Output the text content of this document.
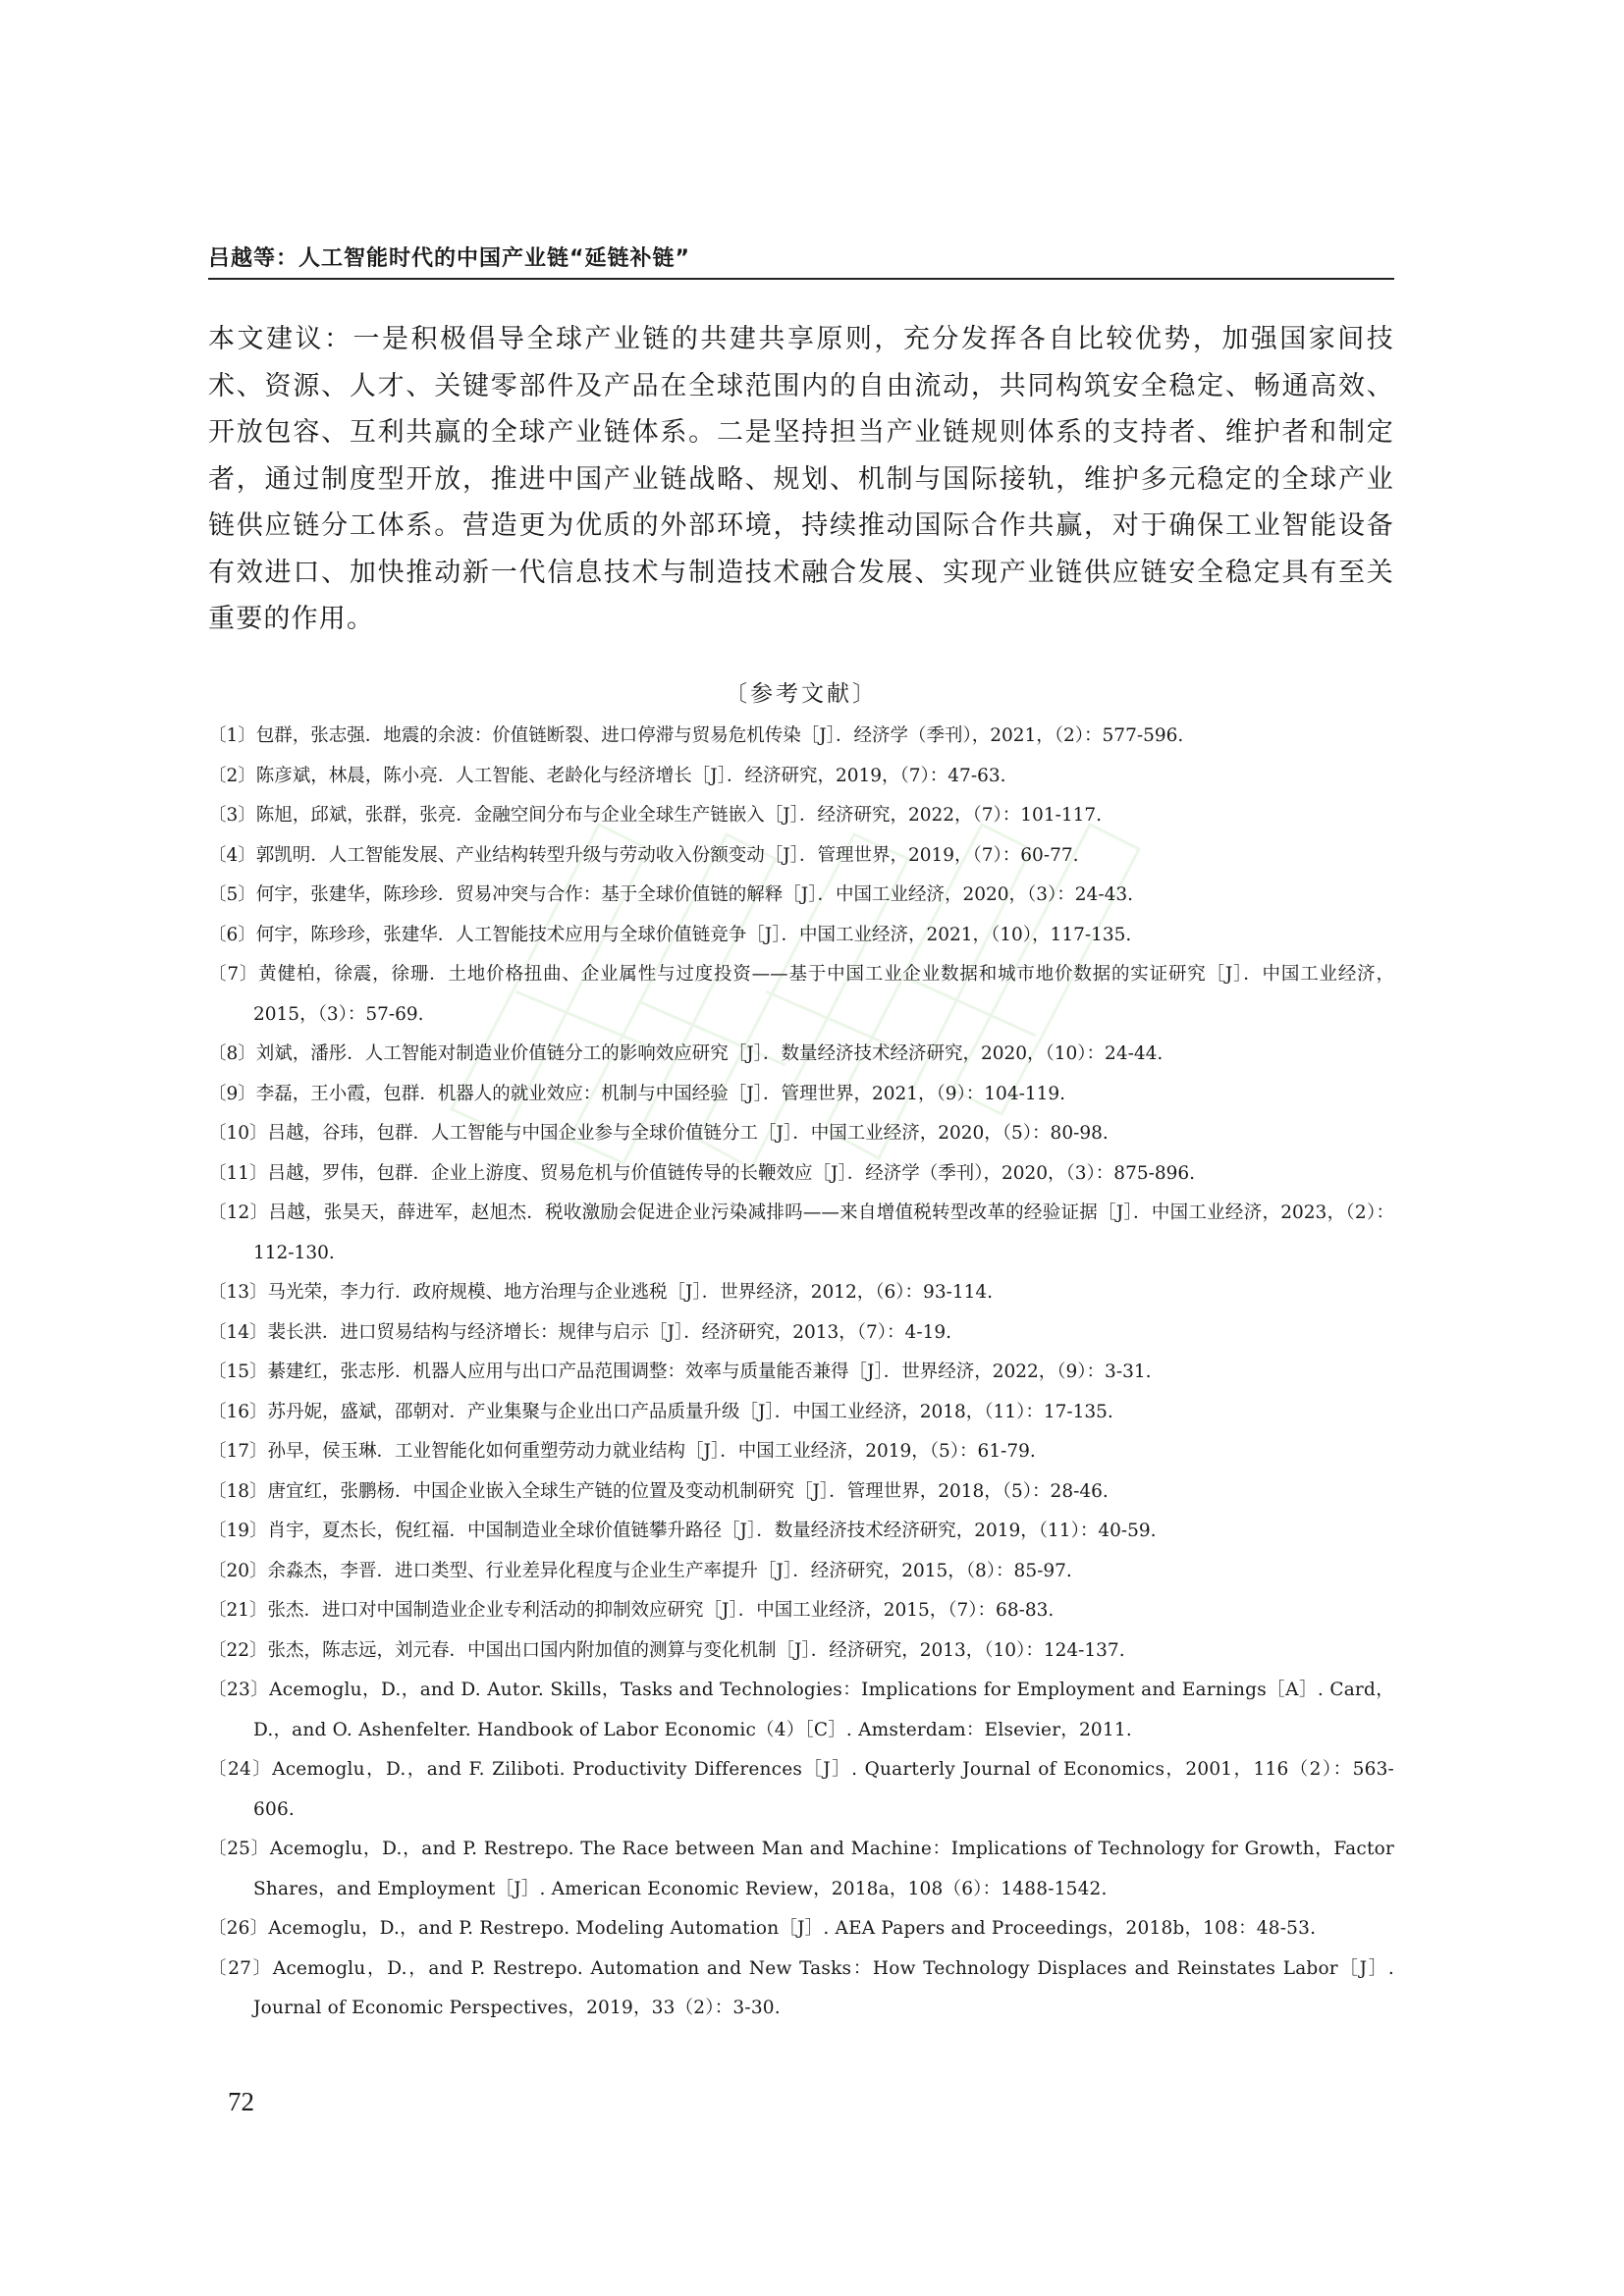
吕越等：人工智能时代的中国产业链“延链补链”

本文建议：一是积极倡导全球产业链的共建共享原则，充分发挥各自比较优势，加强国家间技术、资源、人才、关键零部件及产品在全球范围内的自由流动，共同构筑安全稳定、畅通高效、开放包容、互利共赢的全球产业链体系。二是坚持担当产业链规则体系的支持者、维护者和制定者，通过制度型开放，推进中国产业链战略、规划、机制与国际接轨，维护多元稳定的全球产业链供应链分工体系。营造更为优质的外部环境，持续推动国际合作共赢，对于确保工业智能设备有效进口、加快推动新一代信息技术与制造技术融合发展、实现产业链供应链安全稳定具有至关重要的作用。

〔参考文献〕
〔1〕包群，张志强．地震的余波：价值链断裂、进口停滞与贸易危机传染［J］．经济学（季刊），2021，（2）：577-596.
〔2〕陈彦斌，林晨，陈小亮．人工智能、老龄化与经济增长［J］．经济研究，2019，（7）：47-63.
〔3〕陈旭，邱斌，张群，张亮．金融空间分布与企业全球生产链嵌入［J］．经济研究，2022，（7）：101-117.
〔4〕郭凯明．人工智能发展、产业结构转型升级与劳动收入份额变动［J］．管理世界，2019，（7）：60-77.
〔5〕何宇，张建华，陈珍珍．贸易冲突与合作：基于全球价值链的解释［J］．中国工业经济，2020，（3）：24-43.
〔6〕何宇，陈珍珍，张建华．人工智能技术应用与全球价值链竞争［J］．中国工业经济，2021，（10），117-135.
〔7〕黄健柏，徐震，徐珊．土地价格扭曲、企业属性与过度投资——基于中国工业企业数据和城市地价数据的实证研究［J］．中国工业经济，2015，（3）：57-69.
〔8〕刘斌，潘彤．人工智能对制造业价值链分工的影响效应研究［J］．数量经济技术经济研究，2020，（10）：24-44.
〔9〕李磊，王小霞，包群．机器人的就业效应：机制与中国经验［J］．管理世界，2021，（9）：104-119.
〔10〕吕越，谷玮，包群．人工智能与中国企业参与全球价值链分工［J］．中国工业经济，2020，（5）：80-98.
〔11〕吕越，罗伟，包群．企业上游度、贸易危机与价值链传导的长鞭效应［J］．经济学（季刊），2020，（3）：875-896.
〔12〕吕越，张昊天，薛进军，赵旭杰．税收激励会促进企业污染减排吗——来自增值税转型改革的经验证据［J］．中国工业经济，2023，（2）：112-130.
〔13〕马光荣，李力行．政府规模、地方治理与企业逃税［J］．世界经济，2012，（6）：93-114.
〔14〕裴长洪．进口贸易结构与经济增长：规律与启示［J］．经济研究，2013，（7）：4-19.
〔15〕綦建红，张志彤．机器人应用与出口产品范围调整：效率与质量能否兼得［J］．世界经济，2022，（9）：3-31.
〔16〕苏丹妮，盛斌，邵朝对．产业集聚与企业出口产品质量升级［J］．中国工业经济，2018，（11）：17-135.
〔17〕孙早，侯玉琳．工业智能化如何重塑劳动力就业结构［J］．中国工业经济，2019，（5）：61-79.
〔18〕唐宜红，张鹏杨．中国企业嵌入全球生产链的位置及变动机制研究［J］．管理世界，2018，（5）：28-46.
〔19〕肖宇，夏杰长，倪红福．中国制造业全球价值链攀升路径［J］．数量经济技术经济研究，2019，（11）：40-59.
〔20〕余淼杰，李晋．进口类型、行业差异化程度与企业生产率提升［J］．经济研究，2015，（8）：85-97.
〔21〕张杰．进口对中国制造业企业专利活动的抑制效应研究［J］．中国工业经济，2015，（7）：68-83.
〔22〕张杰，陈志远，刘元春．中国出口国内附加值的测算与变化机制［J］．经济研究，2013，（10）：124-137.
〔23〕Acemoglu，D.，and D. Autor. Skills，Tasks and Technologies：Implications for Employment and Earnings［A］. Card，D.，and O. Ashenfelter. Handbook of Labor Economic（4）［C］. Amsterdam：Elsevier，2011.
〔24〕Acemoglu，D.，and F. Ziliboti. Productivity Differences［J］. Quarterly Journal of Economics，2001，116（2）：563-606.
〔25〕Acemoglu，D.，and P. Restrepo. The Race between Man and Machine：Implications of Technology for Growth，Factor Shares，and Employment［J］. American Economic Review，2018a，108（6）：1488-1542.
〔26〕Acemoglu，D.，and P. Restrepo. Modeling Automation［J］. AEA Papers and Proceedings，2018b，108：48-53.
〔27〕Acemoglu，D.，and P. Restrepo. Automation and New Tasks：How Technology Displaces and Reinstates Labor［J］. Journal of Economic Perspectives，2019，33（2）：3-30.
72
